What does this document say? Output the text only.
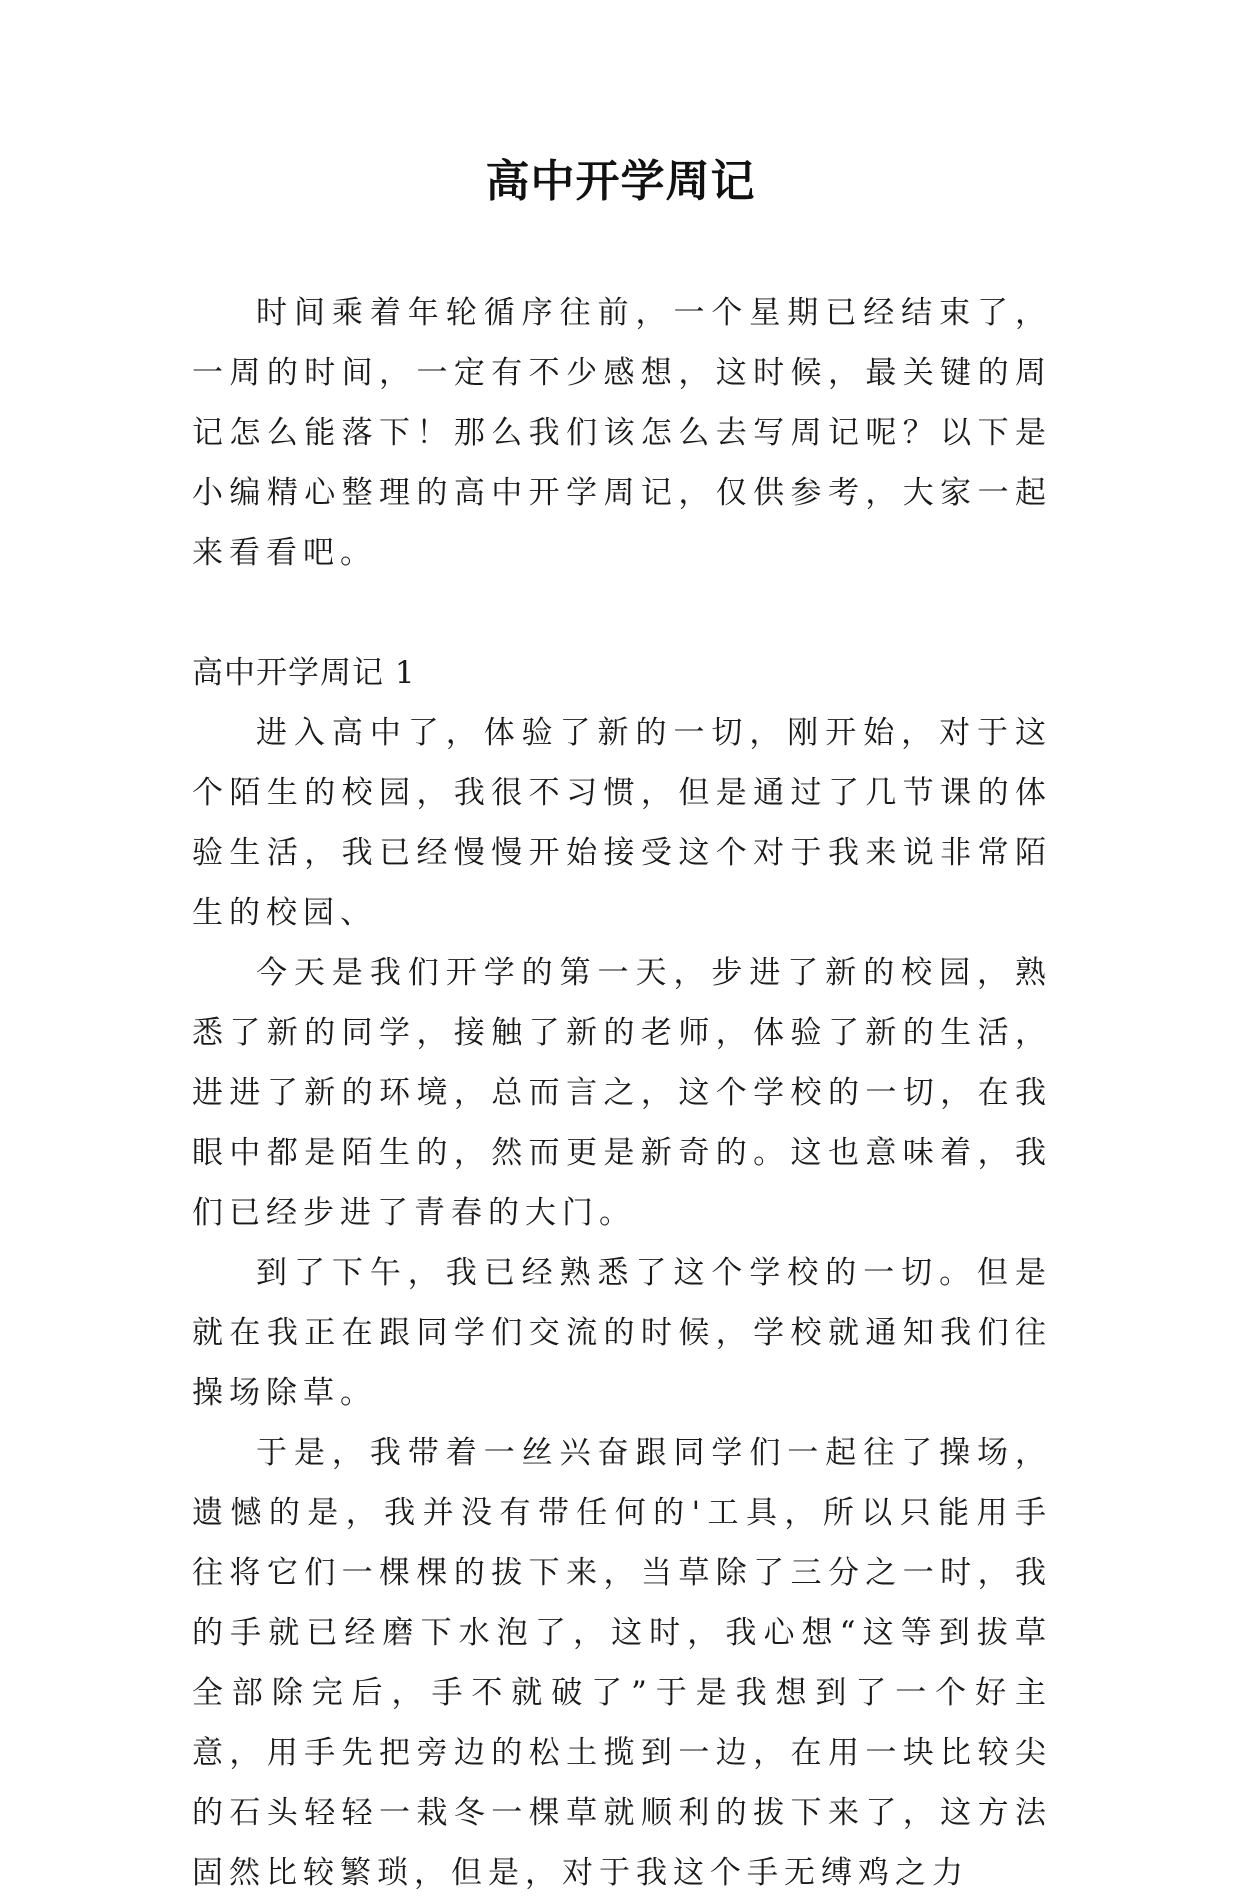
高中开学周记

时间乘着年轮循序往前，一个星期已经结束了，一周的时间，一定有不少感想，这时候，最关键的周记怎么能落下！那么我们该怎么去写周记呢？以下是小编精心整理的高中开学周记，仅供参考，大家一起来看看吧。

高中开学周记 1

进入高中了，体验了新的一切，刚开始，对于这个陌生的校园，我很不习惯，但是通过了几节课的体验生活，我已经慢慢开始接受这个对于我来说非常陌生的校园、

今天是我们开学的第一天，步进了新的校园，熟悉了新的同学，接触了新的老师，体验了新的生活，进进了新的环境，总而言之，这个学校的一切，在我眼中都是陌生的，然而更是新奇的。这也意味着，我们已经步进了青春的大门。

到了下午，我已经熟悉了这个学校的一切。但是就在我正在跟同学们交流的时候，学校就通知我们往操场除草。

于是，我带着一丝兴奋跟同学们一起往了操场，遗憾的是，我并没有带任何的'工具，所以只能用手往将它们一棵棵的拔下来，当草除了三分之一时，我的手就已经磨下水泡了，这时，我心想“这等到拔草全部除完后，手不就破了”于是我想到了一个好主意，用手先把旁边的松土揽到一边，在用一块比较尖的石头轻轻一栽冬一棵草就顺利的拔下来了，这方法固然比较繁琐，但是，对于我这个手无缚鸡之力
